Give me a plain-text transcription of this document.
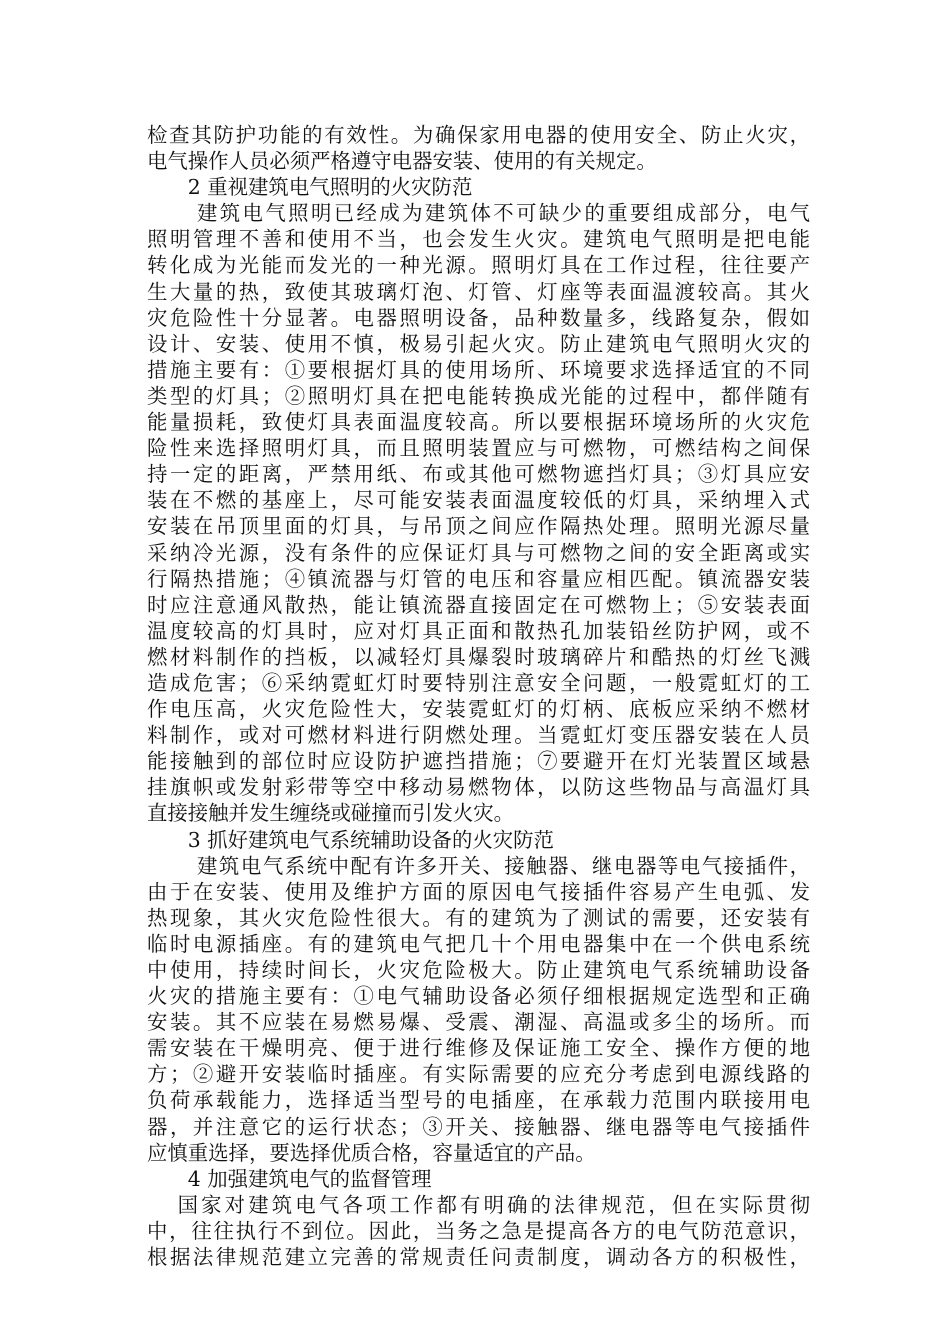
检查其防护功能的有效性。为确保家用电器的使用安全、防止火灾，
电气操作人员必须严格遵守电器安装、使用的有关规定。

2 重视建筑电气照明的火灾防范

建筑电气照明已经成为建筑体不可缺少的重要组成部分，电气
照明管理不善和使用不当，也会发生火灾。建筑电气照明是把电能
转化成为光能而发光的一种光源。照明灯具在工作过程，往往要产
生大量的热，致使其玻璃灯泡、灯管、灯座等表面温渡较高。其火
灾危险性十分显著。电器照明设备，品种数量多，线路复杂，假如
设计、安装、使用不慎，极易引起火灾。防止建筑电气照明火灾的
措施主要有：①要根据灯具的使用场所、环境要求选择适宜的不同
类型的灯具；②照明灯具在把电能转换成光能的过程中，都伴随有
能量损耗，致使灯具表面温度较高。所以要根据环境场所的火灾危
险性来选择照明灯具，而且照明装置应与可燃物，可燃结构之间保
持一定的距离，严禁用纸、布或其他可燃物遮挡灯具；③灯具应安
装在不燃的基座上，尽可能安装表面温度较低的灯具，采纳埋入式
安装在吊顶里面的灯具，与吊顶之间应作隔热处理。照明光源尽量
采纳冷光源，没有条件的应保证灯具与可燃物之间的安全距离或实
行隔热措施；④镇流器与灯管的电压和容量应相匹配。镇流器安装
时应注意通风散热，能让镇流器直接固定在可燃物上；⑤安装表面
温度较高的灯具时，应对灯具正面和散热孔加装铅丝防护网，或不
燃材料制作的挡板，以减轻灯具爆裂时玻璃碎片和酷热的灯丝飞溅
造成危害；⑥采纳霓虹灯时要特别注意安全问题，一般霓虹灯的工
作电压高，火灾危险性大，安装霓虹灯的灯柄、底板应采纳不燃材
料制作，或对可燃材料进行阴燃处理。当霓虹灯变压器安装在人员
能接触到的部位时应设防护遮挡措施；⑦要避开在灯光装置区域悬
挂旗帜或发射彩带等空中移动易燃物体，以防这些物品与高温灯具
直接接触并发生缠绕或碰撞而引发火灾。

3 抓好建筑电气系统辅助设备的火灾防范

建筑电气系统中配有许多开关、接触器、继电器等电气接插件，
由于在安装、使用及维护方面的原因电气接插件容易产生电弧、发
热现象，其火灾危险性很大。有的建筑为了测试的需要，还安装有
临时电源插座。有的建筑电气把几十个用电器集中在一个供电系统
中使用，持续时间长，火灾危险极大。防止建筑电气系统辅助设备
火灾的措施主要有：①电气辅助设备必须仔细根据规定选型和正确
安装。其不应装在易燃易爆、受震、潮湿、高温或多尘的场所。而
需安装在干燥明亮、便于进行维修及保证施工安全、操作方便的地
方；②避开安装临时插座。有实际需要的应充分考虑到电源线路的
负荷承载能力，选择适当型号的电插座，在承载力范围内联接用电
器，并注意它的运行状态；③开关、接触器、继电器等电气接插件
应慎重选择，要选择优质合格，容量适宜的产品。

4 加强建筑电气的监督管理

国家对建筑电气各项工作都有明确的法律规范，但在实际贯彻
中，往往执行不到位。因此，当务之急是提高各方的电气防范意识，
根据法律规范建立完善的常规责任问责制度，调动各方的积极性，
